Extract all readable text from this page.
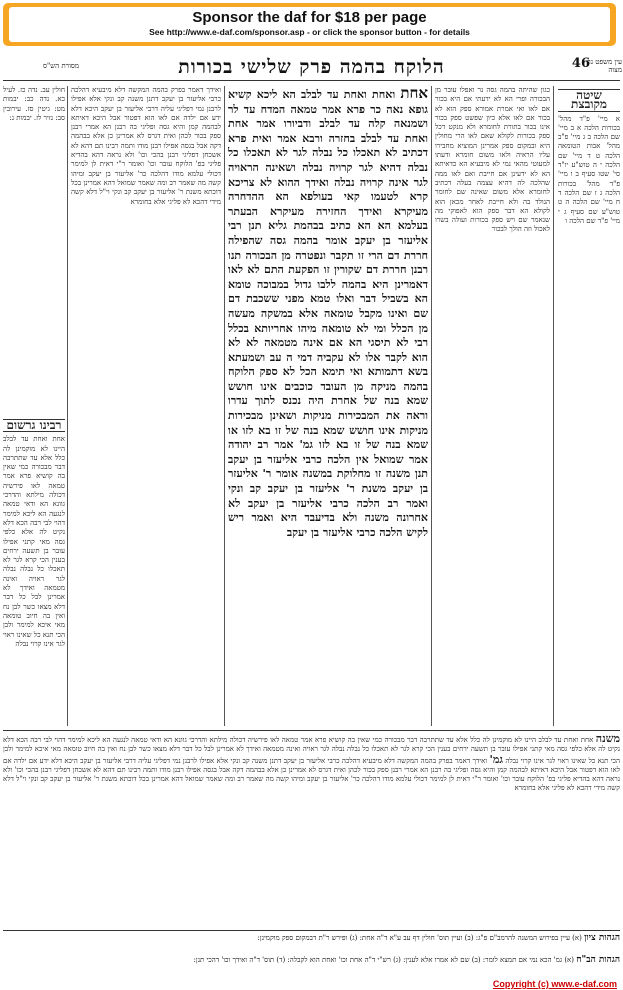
Sponsor the daf for $18 per page
See http://www.e-daf.com/sponsor.asp - or click the sponsor button - for details
מסורת הש"ס	הלוקח בהמה פרק שלישי בכורות	46
עין משפט נר מצוה
שיטה מקובצת
א מיי' פ"ד מהל' בכורות הלכה א ב מיי' שם הלכה ב ג מיי' פ"ב מהל' אבות הטומאה הלכה ט ד מיי' שם הלכה י ה טוש"ע יו"ד סי' שטו סעיף ב ו מיי' פ"ד מהל' בכורות הלכה ג ז שם הלכה ד ח מיי' שם הלכה ה ט טוש"ע שם סעיף ג י מיי' פ"ד שם הלכה ו
כגון שהיתה בהמה גסה נר ואפלו עובר מן הבכורה ופרי הא לא ידעתי אם היא בכור אם לאו ואי אמרת אמורא ספק הוא לא בכור אם לאו אלא כיון שפשט ספק בכור אינו בכור בתורת לחומרא ולא מנקט דכל ספק בכורות לקולא שאם לאו הרי מחולין היא ובמקום ספק אמרינן המוציא מחבירו עליו הראיה ולאו משום חומרא ודעתו למעוטי מהאי נמי לא מיבעיא הא כדאיתא הא לא ידעינן אם חייבת ואם לאו ממה שהלכה לה דהיא עצמה בעלה דכתיב לחומרא אלא משום שאינה שם לחומר הנולד בה ולא חייבת לאחר מכאן הוא לקולא הא דבר ספק הוא לאפוקי מה שנאמר שם ויש ספק בכורות ועולה בשרו לאכול וזה הולך לבכור
אחת ואחת ואחת עד לבלב הא ליכא קשיא גופא נאה כר פרא אמר טמאה המדח עד לר ושמנאה קלה עד לבלב ודביורו אמר אחת ואחת עד לבלב בחזרה ורבא אמר ואית פרא דכתיב לא תאכלו כל נבלה לגר לא תאכלו כל נבלה דהיא לגר קרויה נבלה ושאינה הראויה לגר אינה קרויה נבלה ואידך ההוא לא צריכא קרא לטעמו קאי בעולפא הא ההדחרה מעיקרא ואידך החזירה מעיקרא הבעתר בעלמא הא הא כתיב בבהמת גליא תנן רבי אליעזר בן יעקב אומר בהמה גסה שהפילה חררת דם הרי זו תקבר ונפטרה מן הבכורה תנו רבנן חררת דם שקורין זו הפקעת התם לא לאו דאמרינן היא בהמה ללבו גדול במבוכה טומא הא בשביל דבר ואלו טמא מפני ששכבת דם שם ואינו מקבל טומאה אלא במשקה מעשה מן הכלל ומי לא טומאה מיהו אחריותא בכלל רבי לא תיסגי הא אם אינה מטמאה לא לא הוא לקבר אלו לא עקביה דמי ה עב ושמעתא בשא דתמותא ואי תימא הכל לא ספק הלוקח בהמה מניקה מן העובד כוכבים אינו חושש שמא בנה של אחרת היה נכנס לתוך עדרו וראה את המבכירות מניקות ושאינן מבכירות מניקות אינו חושש שמא בנה של זו בא לזו או שמא בנה של זו בא לזו גמ' אמר רב יהודה אמר שמואל אין הלכה כרבי אליעזר בן יעקב תנן משנה זו מחלוקת במשנה אומר ר' אליעזר בן יעקב משנת ר' אליעזר בן יעקב קב ונקי ואמר רב הלכה כרבי אליעזר בן יעקב לא אחרונה משנה ולא בדיעבד היא ואמר ריש לקיש הלכה כרבי אליעזר בן יעקב
ואידך דאמר בפרק בהמה המקשה דלא מיבעיא דהלכה כרבי אליעזר בן יעקב דתנן משנה קב ונקי אלא אפילו לרבנן נמי דפליגי עליה דרבי אליעזר בן יעקב היכא דלא ידע אם ילדה אם לאו הוא דפטור אבל היכא דאיתא לבהמה קמן והיא גסה ופליגי בה רבנן הא אמרי רבנן ספק בכור לכהן ואית דגרס לא אמרינן כן אלא בבהמה דקה אבל בגסה אפילו רבנן מודו ותמה רבינו תם דהא לא אשכחן דפליגי רבנן בהכי וכו' ולא נראה דהא בהדיא פליגי בפ' הלוקח עובר וכו' ואומר ר"י דאית לן למימר דכולי עלמא מודו דהלכה כר' אליעזר בן יעקב ומיהו קשה מה שאמר רב ומה שאמר שמואל דהא אמרינן בכל דוכתא משנת ר' אליעזר בן יעקב קב ונקי וי"ל דלא קשה מידי דהכא לא פליגי אלא בחומרא
חולין עב. נדה כז. לעיל כא. נדה כב: יבמות מט: גיטין סז. עירובין סב: נזיר לז. יבמות נ:
רבינו גרשום
אחת ואחת עד לבלב היינו לא מוקמינן לה כלל אלא עד שתתרבה דבר מבכורה כמי שאין בה קושיא פרא אמר טמאה לאו פירשיה דכולה מילתא והדרכי גוונא הא ודאי טמאה לנגעה הא ליכא למימר דהוי לבי רבה הכא דלא נקיט לה אלא כלפי גסה מאי קתני אפילו עובר בן תשעה ירחים בענין הכי קרא לגר לא תאכלו כל נבלה נבלה לגר ראויה ואינה מטמאה ואידך לא אמרינן לבל כל דבר דלא מצאו כשר לבן נח ואין בה חיוב טומאה מאי איכא למימר ולבן הכי תנא כל שאינו ראוי לגר אינו קרוי נבלה
משנה אחת ואחת עד לבלב היינו לא מוקמינן לה כלל אלא עד שתתרבה דבר מבכורה כמי שאין בה קושיא פרא אמר טמאה לאו פירשיה דכולה מילתא והדרכי גוונא הא ודאי טמאה לנגעה הא ליכא למימר דהוי לבי רבה הכא דלא נקיט לה אלא כלפי גסה מאי קתני אפילו עובר בן תשעה ירחים בענין הכי קרא לגר לא תאכלו כל נבלה נבלה לגר ראויה ואינה מטמאה ואידך לא אמרינן לבל כל דבר דלא מצאו כשר לבן נח ואין בה חיוב טומאה מאי איכא למימר ולבן הכי תנא כל שאינו ראוי לגר אינו קרוי נבלה גמ' ואידך דאמר בפרק בהמה המקשה דלא מיבעיא דהלכה כרבי אליעזר בן יעקב דתנן משנה קב ונקי אלא אפילו לרבנן נמי דפליגי עליה דרבי אליעזר בן יעקב היכא דלא ידע אם ילדה אם לאו הוא דפטור אבל היכא דאיתא לבהמה קמן והיא גסה ופליגי בה רבנן הא אמרי רבנן ספק בכור לכהן ואית דגרס לא אמרינן כן אלא בבהמה דקה אבל בגסה אפילו רבנן מודו ותמה רבינו תם דהא לא אשכחן דפליגי רבנן בהכי וכו' ולא נראה דהא בהדיא פליגי בפ' הלוקח עובר וכו' ואומר ר"י דאית לן למימר דכולי עלמא מודו דהלכה כר' אליעזר בן יעקב ומיהו קשה מה שאמר רב ומה שאמר שמואל דהא אמרינן בכל דוכתא משנת ר' אליעזר בן יעקב קב ונקי וי"ל דלא קשה מידי דהכא לא פליגי אלא בחומרא
הגהות ציון (א) עיין בפירוש המשנה להרמב"ם פ"ג: (ב) ועיין תוס' חולין דף עב ע"א ד"ה אחת: (ג) ופירש ר"ת דבמקום ספק מוקמינן:
הגהות הב"ח (א) גמ' הכא נמי אם תמצא לומר: (ב) שם לא אמרו אלא לענין: (ג) רש"י ד"ה אחת וכו' ואחת הוא לקבלה: (ד) תוס' ד"ה ואידך וכו' דהכי תנן:
Copyright (c) www.e-daf.com
